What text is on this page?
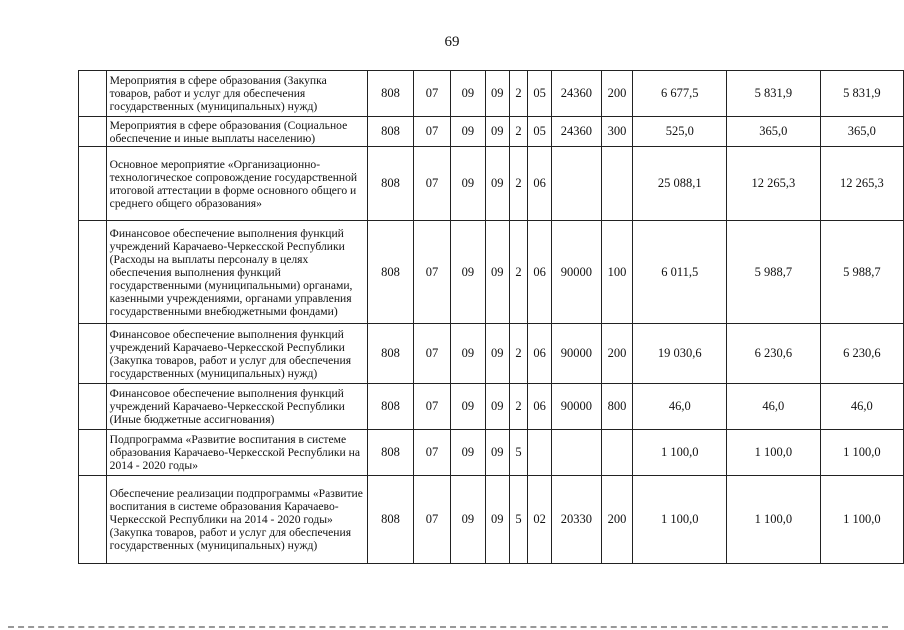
69
	Мероприятия в сфере образования (Закупка товаров, работ и услуг для обеспечения государственных (муниципальных) нужд)	808	07	09	09	2	05	24360	200	6 677,5	5 831,9	5 831,9
	Мероприятия в сфере образования (Социальное обеспечение и иные выплаты населению)	808	07	09	09	2	05	24360	300	525,0	365,0	365,0
	Основное мероприятие «Организационно-технологическое сопровождение государственной итоговой аттестации в форме основного общего и среднего общего образования»	808	07	09	09	2	06			25 088,1	12 265,3	12 265,3
	Финансовое обеспечение выполнения функций учреждений Карачаево-Черкесской Республики (Расходы на выплаты персоналу в целях обеспечения выполнения функций государственными (муниципальными) органами, казенными учреждениями, органами управления государственными внебюджетными фондами)	808	07	09	09	2	06	90000	100	6 011,5	5 988,7	5 988,7
	Финансовое обеспечение выполнения функций учреждений Карачаево-Черкесской Республики (Закупка товаров, работ и услуг для обеспечения государственных (муниципальных) нужд)	808	07	09	09	2	06	90000	200	19 030,6	6 230,6	6 230,6
	Финансовое обеспечение выполнения функций учреждений Карачаево-Черкесской Республики (Иные бюджетные ассигнования)	808	07	09	09	2	06	90000	800	46,0	46,0	46,0
	Подпрограмма «Развитие воспитания в системе образования Карачаево-Черкесской Республики на 2014 - 2020 годы»	808	07	09	09	5				1 100,0	1 100,0	1 100,0
	Обеспечение реализации подпрограммы «Развитие воспитания в системе образования Карачаево-Черкесской Республики на 2014 - 2020 годы» (Закупка товаров, работ и услуг для обеспечения государственных (муниципальных) нужд)	808	07	09	09	5	02	20330	200	1 100,0	1 100,0	1 100,0
